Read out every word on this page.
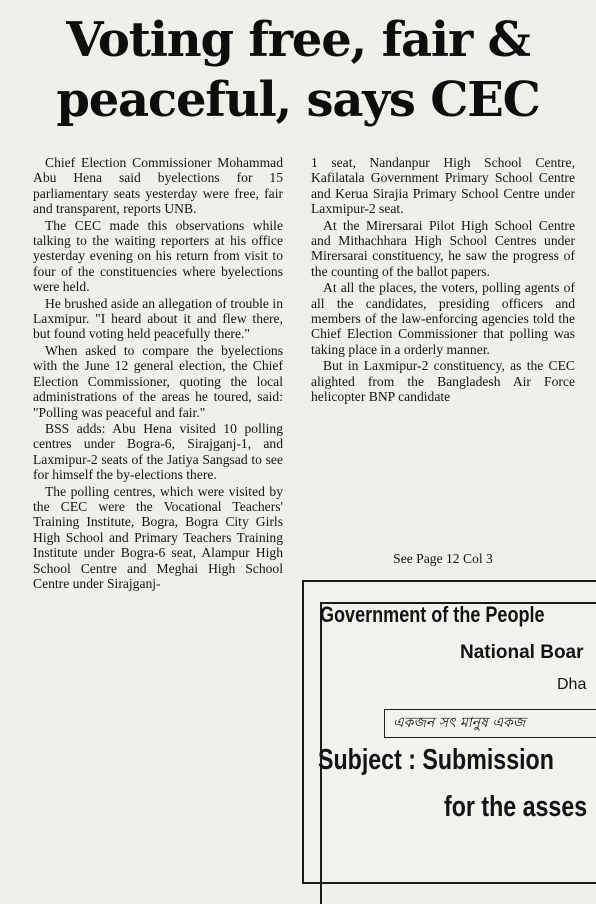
Voting free, fair &
peaceful, says CEC

Chief Election Commissioner Mohammad Abu Hena said byelections for 15 parliamentary seats yesterday were free, fair and transparent, reports UNB.

The CEC made this observations while talking to the waiting reporters at his office yesterday evening on his return from visit to four of the constituencies where byelections were held.

He brushed aside an allegation of trouble in Laxmipur. "I heard about it and flew there, but found voting held peacefully there."

When asked to compare the byelections with the June 12 general election, the Chief Election Commissioner, quoting the local administrations of the areas he toured, said: "Polling was peaceful and fair."

BSS adds: Abu Hena visited 10 polling centres under Bogra-6, Sirajganj-1, and Laxmipur-2 seats of the Jatiya Sangsad to see for himself the by-elections there.

The polling centres, which were visited by the CEC were the Vocational Teachers' Training Institute, Bogra, Bogra City Girls High School and Primary Teachers Training Institute under Bogra-6 seat, Alampur High School Centre and Meghai High School Centre under Sirajganj-

1 seat, Nandanpur High School Centre, Kafilatala Government Primary School Centre and Kerua Sirajia Primary School Centre under Laxmipur-2 seat.

At the Mirersarai Pilot High School Centre and Mithachhara High School Centres under Mirersarai constituency, he saw the progress of the counting of the ballot papers.

At all the places, the voters, polling agents of all the candidates, presiding officers and members of the law-enforcing agencies told the Chief Election Commissioner that polling was taking place in a orderly manner.

But in Laxmipur-2 constituency, as the CEC alighted from the Bangladesh Air Force helicopter BNP candidate

See Page 12 Col 3
Government of the People
National Boar
Dha
একজন সৎ মানুষ একজ
Subject : Submission
for the asses
